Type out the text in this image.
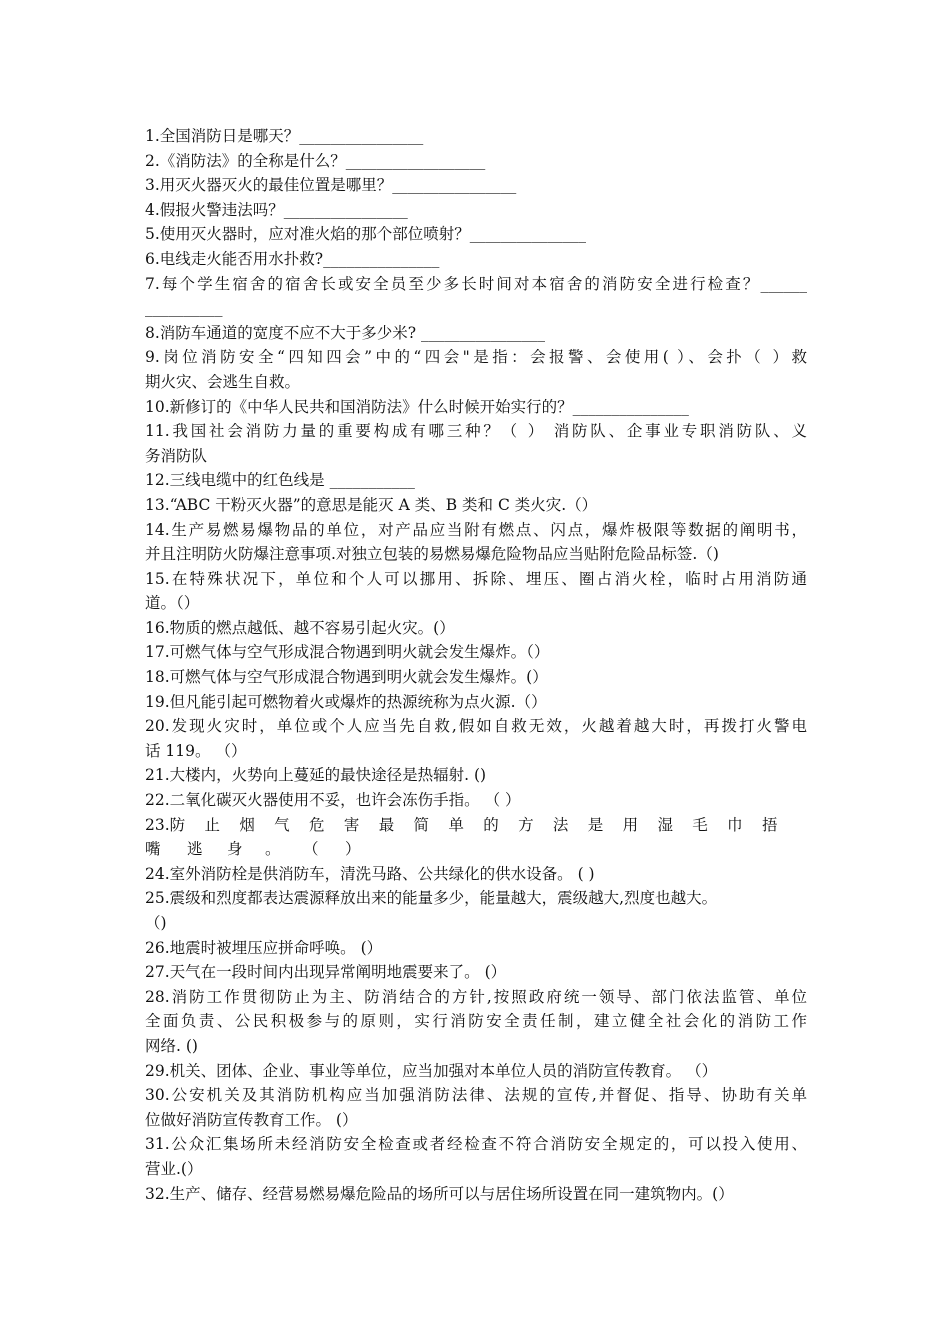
1.全国消防日是哪天？________________

2.《消防法》的全称是什么？__________________

3.用灭火器灭火的最佳位置是哪里？________________

4.假报火警违法吗？________________

5.使用灭火器时，应对准火焰的那个部位喷射？_______________

6.电线走火能否用水扑救?_______________

7.每个学生宿舍的宿舍长或安全员至少多长时间对本宿舍的消防安全进行检查？______

__________

8.消防车通道的宽度不应不大于多少米? ________________

9.岗位消防安全“四知四会”中的“四会"是指：会报警、会使用( ）、会扑（ ）救

期火灾、会逃生自救。

10.新修订的《中华人民共和国消防法》什么时候开始实行的？_______________

11.我国社会消防力量的重要构成有哪三种？（ ） 消防队、企事业专职消防队、义

务消防队

12.三线电缆中的红色线是 ___________

13.“ABC 干粉灭火器”的意思是能灭 A 类、B 类和 C 类火灾.（）

14.生产易燃易爆物品的单位，对产品应当附有燃点、闪点，爆炸极限等数据的阐明书，

并且注明防火防爆注意事项.对独立包装的易燃易爆危险物品应当贴附危险品标签.（)

15.在特殊状况下，单位和个人可以挪用、拆除、埋压、圈占消火栓，临时占用消防通

道。（）

16.物质的燃点越低、越不容易引起火灾。(）

17.可燃气体与空气形成混合物遇到明火就会发生爆炸。（）

18.可燃气体与空气形成混合物遇到明火就会发生爆炸。(）

19.但凡能引起可燃物着火或爆炸的热源统称为点火源.（）

20.发现火灾时，单位或个人应当先自救,假如自救无效，火越着越大时，再拨打火警电

话 119。 （）

21.大楼内，火势向上蔓延的最快途径是热辐射. ()

22.二氧化碳灭火器使用不妥，也许会冻伤手指。 （ ）

23.防 止 烟 气 危 害 最 简 单 的 方 法 是 用 湿 毛 巾 捂

嘴 逃 身 。 （ ）

24.室外消防栓是供消防车，清洗马路、公共绿化的供水设备。 ( )

25.震级和烈度都表达震源释放出来的能量多少，能量越大，震级越大,烈度也越大。

（)

26.地震时被埋压应拼命呼唤。 (）

27.天气在一段时间内出现异常阐明地震要来了。 (）

28.消防工作贯彻防止为主、防消结合的方针,按照政府统一领导、部门依法监管、单位

全面负责、公民积极参与的原则，实行消防安全责任制，建立健全社会化的消防工作

网络. ()

29.机关、团体、企业、事业等单位，应当加强对本单位人员的消防宣传教育。 （）

30.公安机关及其消防机构应当加强消防法律、法规的宣传,并督促、指导、协助有关单

位做好消防宣传教育工作。 (）

31.公众汇集场所未经消防安全检查或者经检查不符合消防安全规定的，可以投入使用、

营业.(）

32.生产、储存、经营易燃易爆危险品的场所可以与居住场所设置在同一建筑物内。(）
